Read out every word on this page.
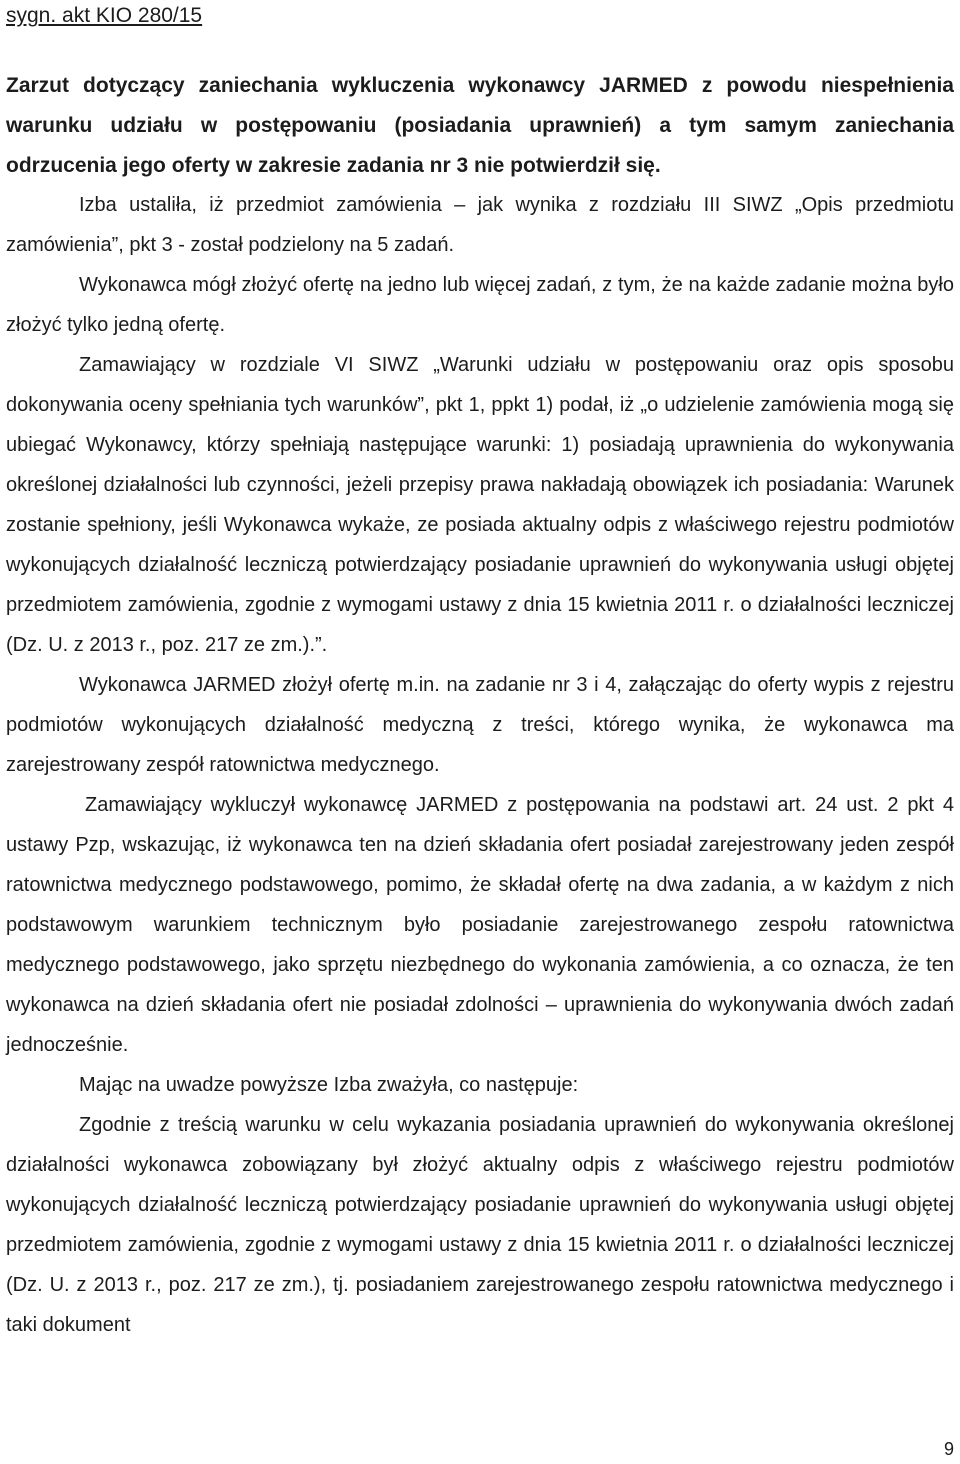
sygn. akt KIO 280/15
Zarzut dotyczący zaniechania wykluczenia wykonawcy JARMED z powodu niespełnienia warunku udziału w postępowaniu (posiadania uprawnień) a tym samym zaniechania odrzucenia jego oferty w zakresie zadania nr 3 nie potwierdził się.

Izba ustaliła, iż przedmiot zamówienia – jak wynika z rozdziału III SIWZ „Opis przedmiotu zamówienia”, pkt 3 - został podzielony na 5 zadań.

Wykonawca mógł złożyć ofertę na jedno lub więcej zadań, z tym, że na każde zadanie można było złożyć tylko jedną ofertę.

Zamawiający w rozdziale VI SIWZ „Warunki udziału w postępowaniu oraz opis sposobu dokonywania oceny spełniania tych warunków”, pkt 1, ppkt 1) podał, iż „o udzielenie zamówienia mogą się ubiegać Wykonawcy, którzy spełniają następujące warunki: 1) posiadają uprawnienia do wykonywania określonej działalności lub czynności, jeżeli przepisy prawa nakładają obowiązek ich posiadania: Warunek zostanie spełniony, jeśli Wykonawca wykaże, ze posiada aktualny odpis z właściwego rejestru podmiotów wykonujących działalność leczniczą potwierdzający posiadanie uprawnień do wykonywania usługi objętej przedmiotem zamówienia, zgodnie z wymogami ustawy z dnia 15 kwietnia 2011 r. o działalności leczniczej (Dz. U. z 2013 r., poz. 217 ze zm.).”.

Wykonawca JARMED złożył ofertę m.in. na zadanie nr 3 i 4, załączając do oferty wypis z rejestru podmiotów wykonujących działalność medyczną z treści, którego wynika, że wykonawca ma zarejestrowany zespół ratownictwa medycznego.

Zamawiający wykluczył wykonawcę JARMED z postępowania na podstawi art. 24 ust. 2 pkt 4 ustawy Pzp, wskazując, iż wykonawca ten na dzień składania ofert posiadał zarejestrowany jeden zespół ratownictwa medycznego podstawowego, pomimo, że składał ofertę na dwa zadania, a w każdym z nich podstawowym warunkiem technicznym było posiadanie zarejestrowanego zespołu ratownictwa medycznego podstawowego, jako sprzętu niezbędnego do wykonania zamówienia, a co oznacza, że ten wykonawca na dzień składania ofert nie posiadał zdolności – uprawnienia do wykonywania dwóch zadań jednocześnie.

Mając na uwadze powyższe Izba zważyła, co następuje:

Zgodnie z treścią warunku w celu wykazania posiadania uprawnień do wykonywania określonej działalności wykonawca zobowiązany był złożyć aktualny odpis z właściwego rejestru podmiotów wykonujących działalność leczniczą potwierdzający posiadanie uprawnień do wykonywania usługi objętej przedmiotem zamówienia, zgodnie z wymogami ustawy z dnia 15 kwietnia 2011 r. o działalności leczniczej (Dz. U. z 2013 r., poz. 217 ze zm.), tj. posiadaniem zarejestrowanego zespołu ratownictwa medycznego i taki dokument

9
